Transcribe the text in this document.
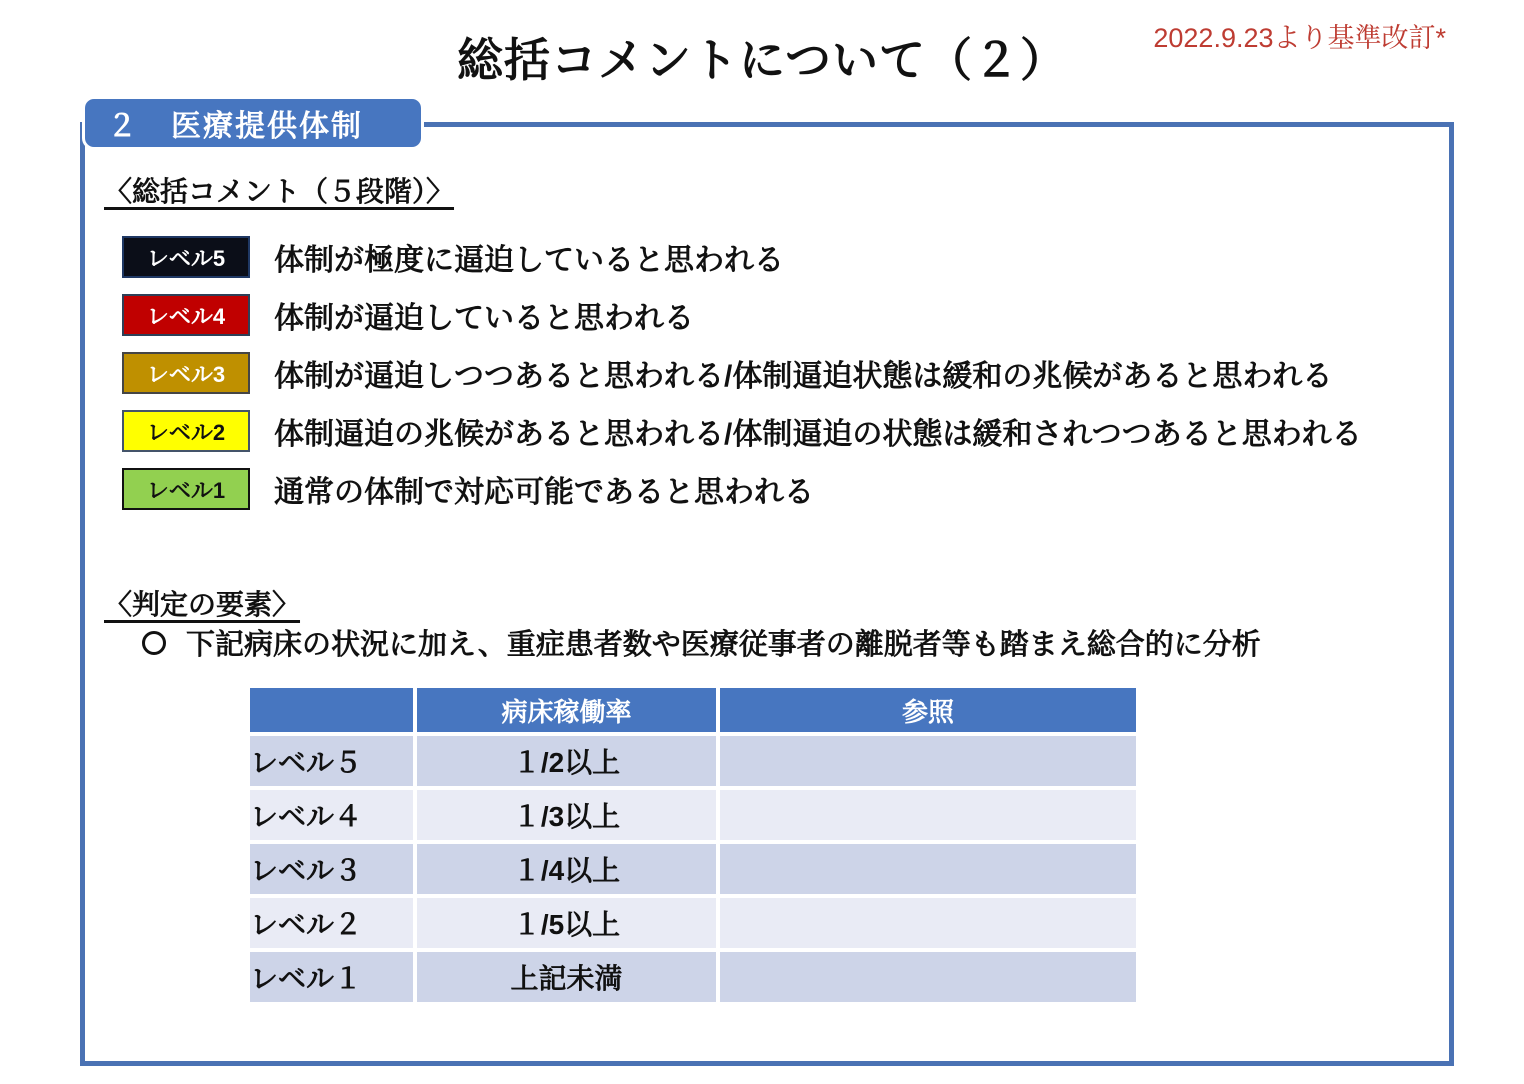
総括コメントについて（２）	2022.9.23より基準改訂*
２　医療提供体制
〈総括コメント（５段階）〉
レベル5	体制が極度に逼迫していると思われる
レベル4	体制が逼迫していると思われる
レベル3	体制が逼迫しつつあると思われる/体制逼迫状態は緩和の兆候があると思われる
レベル2	体制逼迫の兆候があると思われる/体制逼迫の状態は緩和されつつあると思われる
レベル1	通常の体制で対応可能であると思われる
〈判定の要素〉
下記病床の状況に加え、重症患者数や医療従事者の離脱者等も踏まえ総合的に分析
	病床稼働率	参照
レベル５	１/2以上	
レベル４	１/3以上	
レベル３	１/4以上	
レベル２	１/5以上	
レベル１	上記未満	
